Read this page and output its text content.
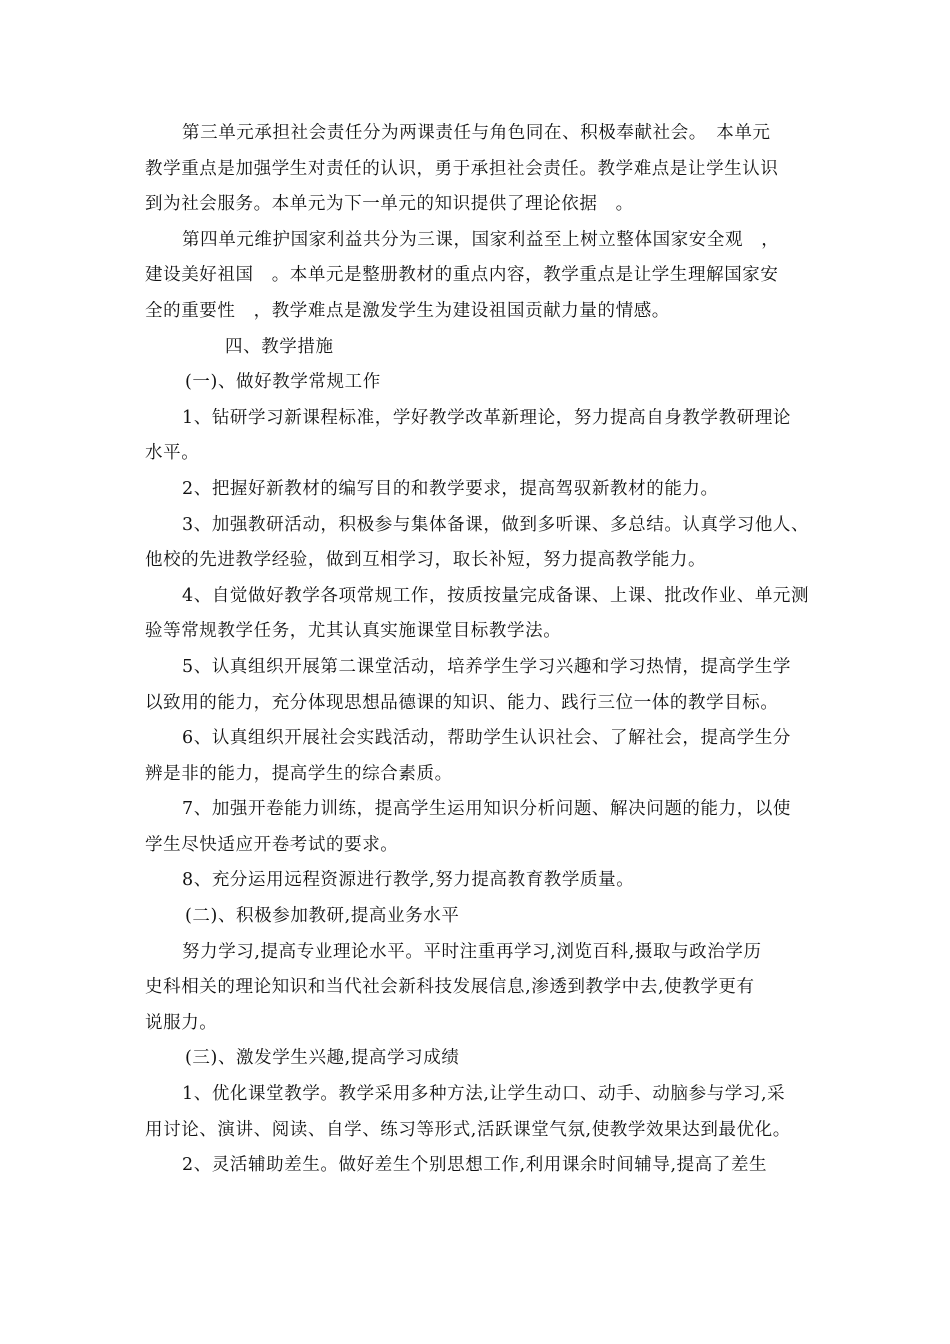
第三单元承担社会责任分为两课责任与角色同在、积极奉献社会。　本单元
教学重点是加强学生对责任的认识，勇于承担社会责任。教学难点是让学生认识
到为社会服务。本单元为下一单元的知识提供了理论依据　。
第四单元维护国家利益共分为三课，国家利益至上树立整体国家安全观　，
建设美好祖国　。本单元是整册教材的重点内容，教学重点是让学生理解国家安
全的重要性　，教学难点是激发学生为建设祖国贡献力量的情感。
四、教学措施
(一)、做好教学常规工作
1、钻研学习新课程标准，学好教学改革新理论，努力提高自身教学教研理论
水平。
2、把握好新教材的编写目的和教学要求，提高驾驭新教材的能力。
3、加强教研活动，积极参与集体备课，做到多听课、多总结。认真学习他人、
他校的先进教学经验，做到互相学习，取长补短，努力提高教学能力。
4、自觉做好教学各项常规工作，按质按量完成备课、上课、批改作业、单元测
验等常规教学任务，尤其认真实施课堂目标教学法。
5、认真组织开展第二课堂活动，培养学生学习兴趣和学习热情，提高学生学
以致用的能力，充分体现思想品德课的知识、能力、践行三位一体的教学目标。
6、认真组织开展社会实践活动，帮助学生认识社会、了解社会，提高学生分
辨是非的能力，提高学生的综合素质。
7、加强开卷能力训练，提高学生运用知识分析问题、解决问题的能力，以使
学生尽快适应开卷考试的要求。
8、充分运用远程资源进行教学,努力提高教育教学质量。
(二)、积极参加教研,提高业务水平
努力学习,提高专业理论水平。平时注重再学习,浏览百科,摄取与政治学历
史科相关的理论知识和当代社会新科技发展信息,渗透到教学中去,使教学更有
说服力。
(三)、激发学生兴趣,提高学习成绩
1、优化课堂教学。教学采用多种方法,让学生动口、动手、动脑参与学习,采
用讨论、演讲、阅读、自学、练习等形式,活跃课堂气氛,使教学效果达到最优化。
2、灵活辅助差生。做好差生个别思想工作,利用课余时间辅导,提高了差生
